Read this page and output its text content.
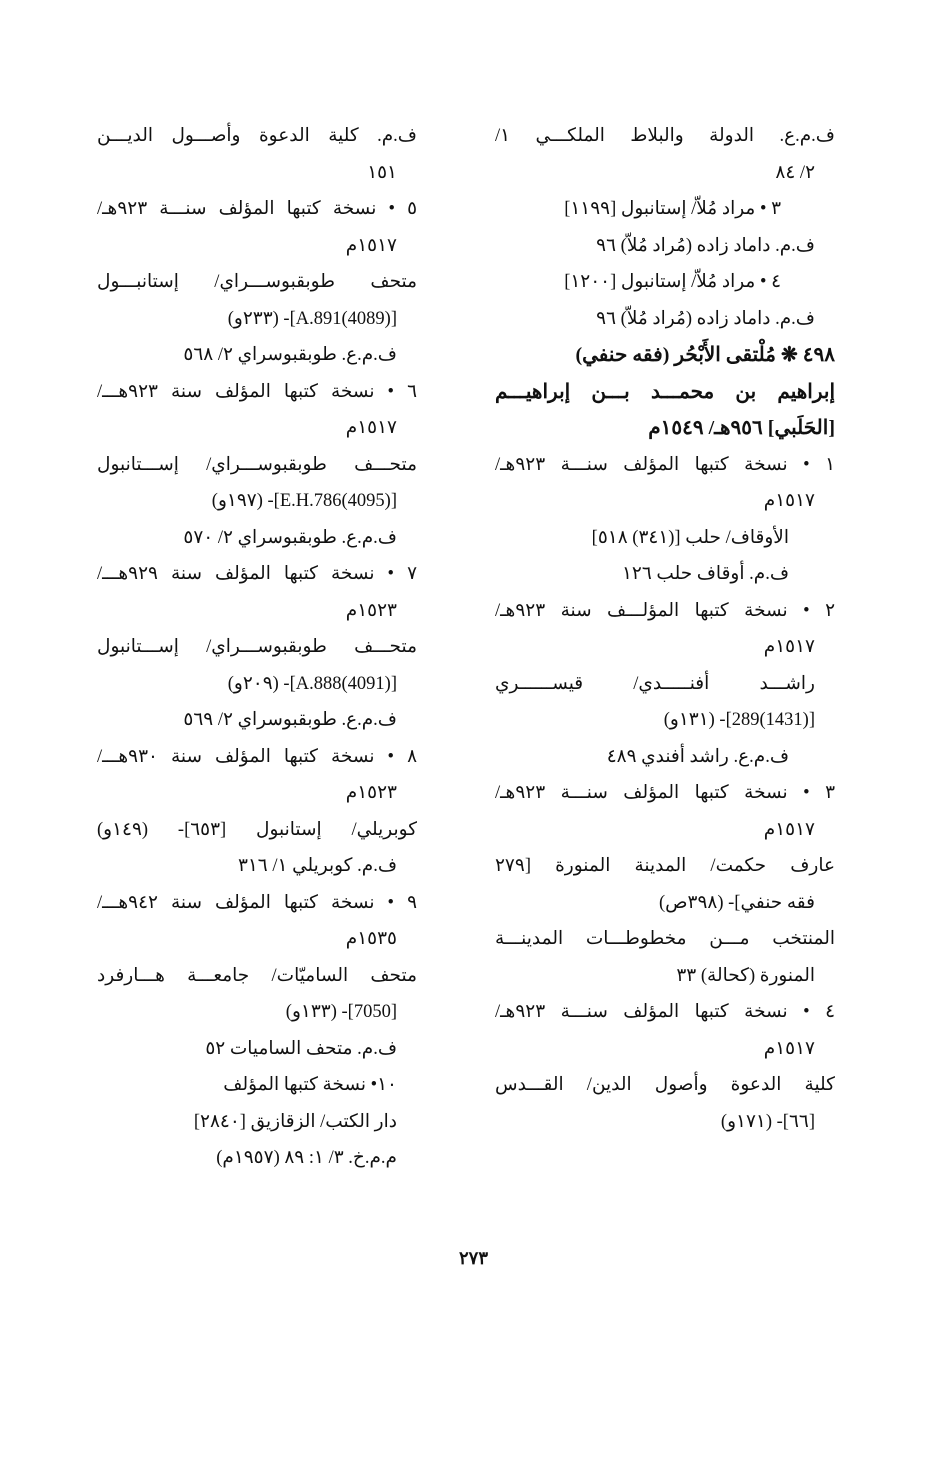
ف.م.ع. الدولة والبلاط الملكـــي ١/
٢/ ٨٤
٣ • مراد مُلاّ/ إستانبول [١١٩٩]
ف.م. داماد زاده (مُراد مُلاّ) ٩٦
٤ • مراد مُلاّ/ إستانبول [١٢٠٠]
ف.م. داماد زاده (مُراد مُلاّ) ٩٦
٤٩٨ ❋ مُلْتقى الأَبْحُر (فقه حنفي)
إبراهيم بن محمـــد بـــن إبراهيـــم
[الحَلَبي] ٩٥٦هـ/ ١٥٤٩م
١ • نسخة كتبها المؤلف سنـــة ٩٢٣هـ/
١٥١٧م
الأوقاف/ حلب [(٣٤١) ٥١٨]
ف.م. أوقاف حلب ١٢٦
٢ • نسخة كتبها المؤلـــف سنة ٩٢٣هـ/
١٥١٧م
راشـــد أفنـــــدي/ قيســــــري
[(1431)289]- (١٣١و)
ف.م.ع. راشد أفندي ٤٨٩
٣ • نسخة كتبها المؤلف سنـــة ٩٢٣هـ/
١٥١٧م
عارف حكمت/ المدينة المنورة [٢٧٩
فقه حنفي]- (٣٩٨ص)
المنتخب مـــن مخطوطـــات المدينـــة
المنورة (كحالة) ٣٣
٤ • نسخة كتبها المؤلف سنـــة ٩٢٣هـ/
١٥١٧م
كلية الدعوة وأصول الدين/ القـــدس
[٦٦]- (١٧١و)
ف.م. كلية الدعوة وأصـــول الديـــن
١٥١
٥ • نسخة كتبها المؤلف سنـــة ٩٢٣هـ/
١٥١٧م
متحف طوبقبوســـراي/ إستانبـــول
[(4089)A.891]- (٢٣٣و)
ف.م.ع. طوبقبوسراي ٢/ ٥٦٨
٦ • نسخة كتبها المؤلف سنة ٩٢٣هـــ/
١٥١٧م
متحـــف طوبقبوســـراي/ إســـتانبول
[(4095)E.H.786]- (١٩٧و)
ف.م.ع. طوبقبوسراي ٢/ ٥٧٠
٧ • نسخة كتبها المؤلف سنة ٩٢٩هـــ/
١٥٢٣م
متحـــف طوبقبوســـراي/ إســـتانبول
[(4091)A.888]- (٢٠٩و)
ف.م.ع. طوبقبوسراي ٢/ ٥٦٩
٨ • نسخة كتبها المؤلف سنة ٩٣٠هـــ/
١٥٢٣م
كوبريلي/ إستانبول [٦٥٣]- (١٤٩و)
ف.م. كوبريلي ١/ ٣١٦
٩ • نسخة كتبها المؤلف سنة ٩٤٢هـــ/
١٥٣٥م
متحف الساميّات/ جامعـــة هـــارفرد
[7050]- (١٣٣و)
ف.م. متحف الساميات ٥٢
١٠• نسخة كتبها المؤلف
دار الكتب/ الزقازيق [٢٨٤٠]
م.م.خ. ٣/ ١: ٨٩ (١٩٥٧م)
٢٧٣
